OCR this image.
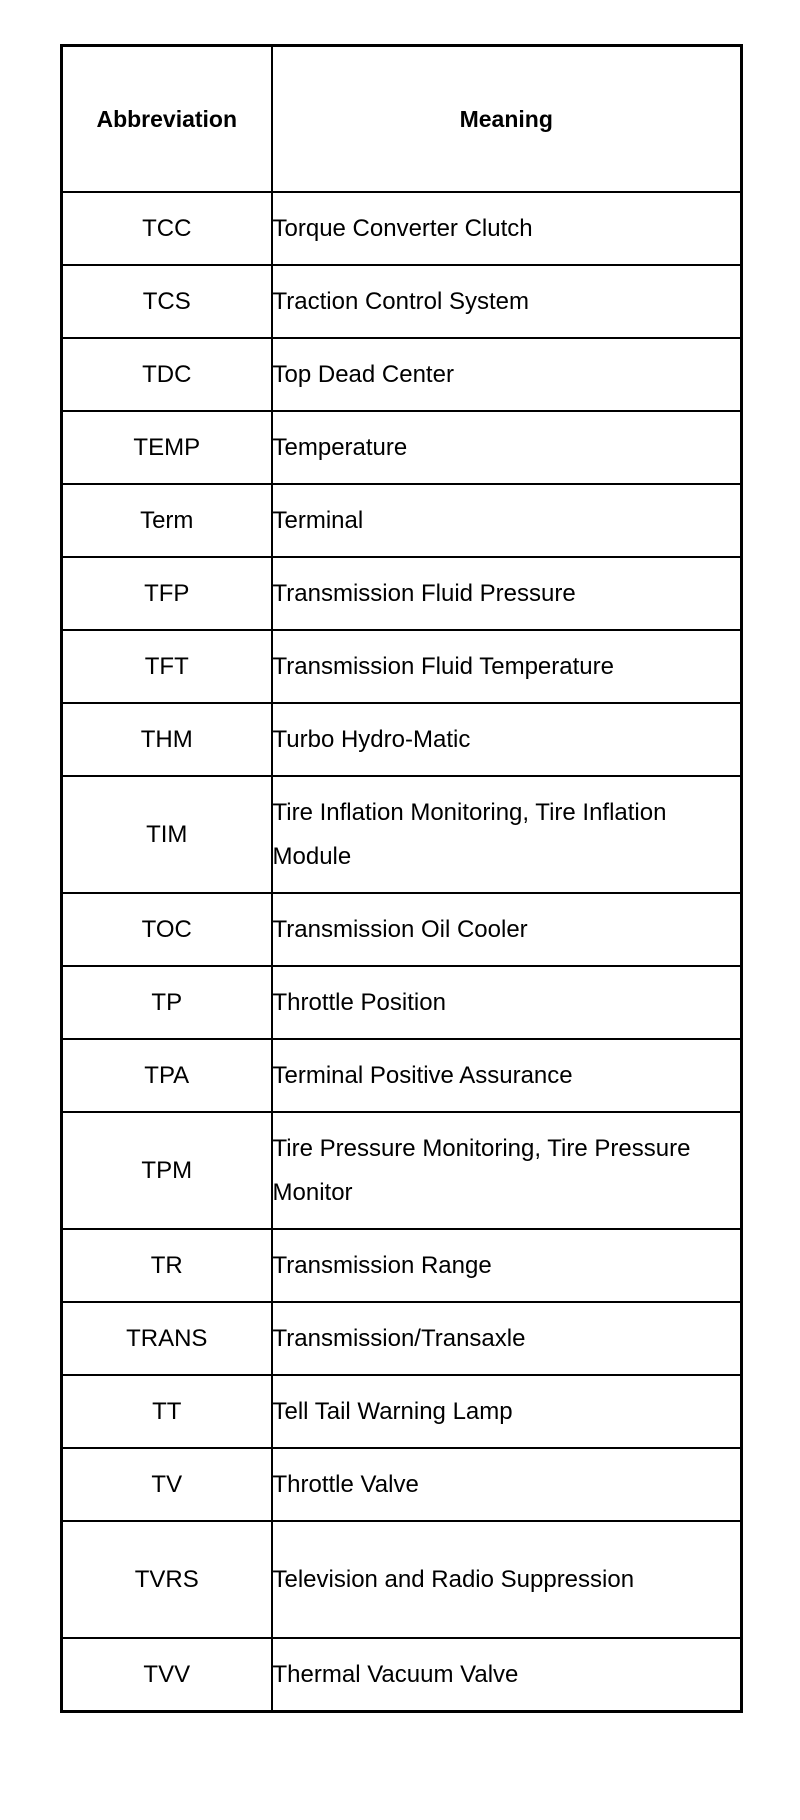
Abbreviation	Meaning
TCC	Torque Converter Clutch
TCS	Traction Control System
TDC	Top Dead Center
TEMP	Temperature
Term	Terminal
TFP	Transmission Fluid Pressure
TFT	Transmission Fluid Temperature
THM	Turbo Hydro-Matic
TIM	Tire Inflation Monitoring, Tire Inflation Module
TOC	Transmission Oil Cooler
TP	Throttle Position
TPA	Terminal Positive Assurance
TPM	Tire Pressure Monitoring, Tire Pressure Monitor
TR	Transmission Range
TRANS	Transmission/Transaxle
TT	Tell Tail Warning Lamp
TV	Throttle Valve
TVRS	Television and Radio Suppression
TVV	Thermal Vacuum Valve
